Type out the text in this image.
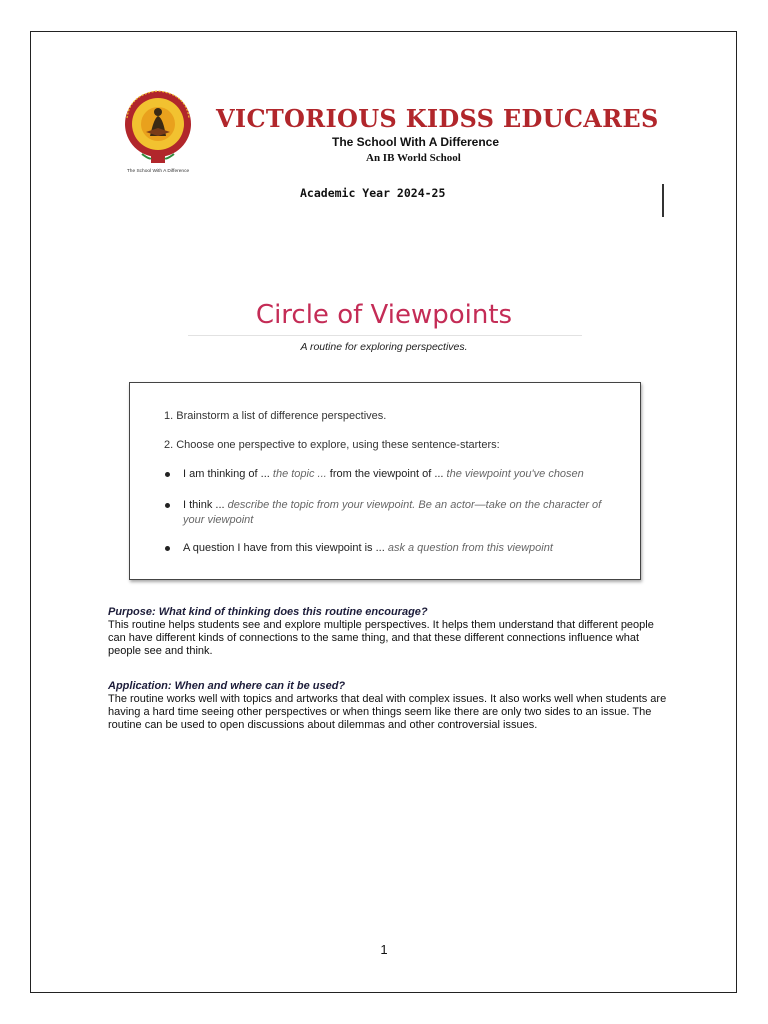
The School With A Difference
VICTORIOUS KIDSS EDUCARES
The School With A Difference
An IB World School
Academic Year 2024-25
Circle of Viewpoints
A routine for exploring perspectives.
1. Brainstorm a list of difference perspectives.
2. Choose one perspective to explore, using these sentence-starters:
I am thinking of ... the topic ... from the viewpoint of ... the viewpoint you've chosen
I think ... describe the topic from your viewpoint. Be an actor—take on the character of your viewpoint
A question I have from this viewpoint is ... ask a question from this viewpoint
Purpose: What kind of thinking does this routine encourage?
This routine helps students see and explore multiple perspectives. It helps them understand that different people can have different kinds of connections to the same thing, and that these different connections influence what people see and think.
Application: When and where can it be used?
The routine works well with topics and artworks that deal with complex issues. It also works well when students are having a hard time seeing other perspectives or when things seem like there are only two sides to an issue. The routine can be used to open discussions about dilemmas and other controversial issues.
1
